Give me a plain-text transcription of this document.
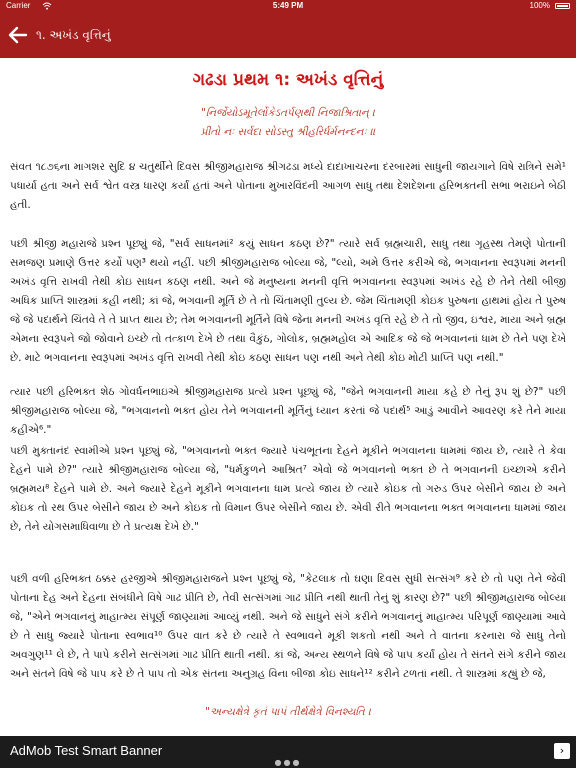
Carrier	5:49 PM	100%
૧. અખંડ વૃત્તિનું
ગઢડા પ્રથમ ૧: અખંડ વૃત્તિનું
"નિર્જેયોઽમૂતેર્લોકેઽતર્પણથી નિજાશ્રિતાન્ ।
પ્રીતો નઃ સર્વદા સોઽસ્તુ શ્રીહરિર્ધર્મનન્દનઃ ॥

સંવત ૧૮૭૬ના માગશર સુદિ ૪ ચતુર્થીને દિવસ શ્રીજીમહારાજ શ્રીગઢડા મધ્યે દાદાખાચરના દરબારમાં સાધુની જાયગાને વિષે રાત્રિને સમે¹ પધાર્યા હતા અને સર્વ શ્વેત વસ્ત્ર ધારણ કર્યાં હતાં અને પોતાના મુખારવિંદની આગળ સાધુ તથા દેશદેશના હરિભક્તની સભા ભરાઇને બેઠી હતી.

પછી શ્રીજી મહારાજે પ્રશ્ન પૂછ્યું જે, "સર્વ સાધનમાં² કયું સાધન કઠણ છે?" ત્યારે સર્વ બ્રહ્મચારી, સાધુ તથા ગૃહસ્થ તેમણે પોતાની સમજણ પ્રમાણે ઉત્તર કર્યો પણ³ થયો નહીં. પછી શ્રીજીમહારાજ બોલ્યા જે, "લ્યો, અમે ઉત્તર કરીએ જે, ભગવાનના સ્વરૂપમાં મનની અખંડ વૃત્તિ રાખવી તેથી કોઇ સાધન કઠણ નથી. અને જે મનુષ્યના મનની વૃત્તિ ભગવાનના સ્વરૂપમાં અખંડ રહે છે તેને તેથી બીજી અધિક પ્રાપ્તિ શાસ્ત્રમાં કહી નથી; કાં જે, ભગવાની મૂર્તિ છે તે તો ચિંતામણી તુલ્ય છે. જેમ ચિંતામણી કોઇક પુરુષના હાથમાં હોય તે પુરુષ જે જે પદાર્થને ચિંતવે તે તે પ્રાપ્ત થાય છે; તેમ ભગવાનની મૂર્તિને વિષે જેના મનની અખંડ વૃત્તિ રહે છે તે તો જીવ, ઇશ્વર, માયા અને બ્રહ્મ એમના સ્વરૂપને જો જોવાને ઇચ્છે તો તત્કાળ દેખે છે તથા વૈકુંઠ, ગોલોક, બ્રહ્મમહોલ એ આદિક જે જે ભગવાનનાં ધામ છે તેને પણ દેખે છે. માટે ભગવાનના સ્વરૂપમાં અખંડ વૃત્તિ રાખવી તેથી કોઇ કઠણ સાધન પણ નથી અને તેથી કોઇ મોટી પ્રાપ્તિ પણ નથી."

ત્યાર પછી હરિભક્ત શેઠ ગોવર્ધનભાઇએ શ્રીજીમહારાજ પ્રત્યે પ્રશ્ન પૂછ્યું જે, "જેને ભગવાનની માયા કહે છે તેનું રૂપ શું છે?" પછી શ્રીજીમહારાજ બોલ્યા જે, "ભગવાનનો ભક્ત હોય તેને ભગવાનની મૂર્તિનું ધ્યાન કરતાં જે પદાર્થ⁵ આડું આવીને આવરણ કરે તેને માયા કહીએ⁶."

પછી મુક્તાનંદ સ્વામીએ પ્રશ્ન પૂછ્યું જે, "ભગવાનનો ભક્ત જ્યારે પંચભૂતના દેહને મૂકીને ભગવાનના ધામમાં જાય છે, ત્યારે તે કેવા દેહને પામે છે?" ત્યારે શ્રીજીમહારાજ બોલ્યા જે, "ધર્મકુળને આશ્રિત⁷ એવો જે ભગવાનનો ભક્ત છે તે ભગવાનની ઇચ્છાએ કરીને બ્રહ્મમય⁸ દેહને પામે છે. અને જ્યારે દેહને મૂકીને ભગવાનના ધામ પ્રત્યે જાય છે ત્યારે કોઇક તો ગરુડ ઉપર બેસીને જાય છે અને કોઇક તો રથ ઉપર બેસીને જાય છે અને કોઇક તો વિમાન ઉપર બેસીને જાય છે. એવી રીતે ભગવાનના ભક્ત ભગવાનના ધામમાં જાય છે, તેને યોગસમાધિવાળા છે તે પ્રત્યક્ષ દેખે છે."

પછી વળી હરિભક્ત ઠક્કર હરજીએ શ્રીજીમહારાજને પ્રશ્ન પૂછ્યું જે, "કેટલાક તો ઘણા દિવસ સુધી સત્સંગ⁹ કરે છે તો પણ તેને જેવી પોતાના દેહ અને દેહના સંબંધીને વિષે ગાઢ પ્રીતિ છે, તેવી સત્સંગમાં ગાઢ પ્રીતિ નથી થાતી તેનું શું કારણ છે?" પછી શ્રીજીમહારાજ બોલ્યા જે, "એને ભગવાનનું માહાત્મ્ય સંપૂર્ણ જાણ્યામાં આવ્યું નથી. અને જે સાધુને સંગે કરીને ભગવાનનું માહાત્મ્ય પરિપૂર્ણ જાણ્યામાં આવે છે તે સાધુ જ્યારે પોતાના સ્વભાવ¹⁰ ઉપર વાત કરે છે ત્યારે તે સ્વભાવને મૂકી શકતો નથી અને તે વાતના કરનારા જે સાધુ તેનો અવગુણ¹¹ લે છે, તે પાપે કરીને સત્સંગમાં ગાઢ પ્રીતિ થાતી નથી. કાં જે, અન્ય સ્થળને વિષે જે પાપ કર્યાં હોય તે સંતને સંગે કરીને જાય અને સંતને વિષે જે પાપ કરે છે તે પાપ તો એક સંતના અનુગ્રહ વિના બીજા કોઇ સાધને¹² કરીને ટળતાં નથી. તે શાસ્ત્રમાં કહ્યું છે જે,

"અન્યક્ષેત્રે કૃતં પાપં તીર્થક્ષેત્રે વિનશ્યતિ ।
AdMob Test Smart Banner	›
●●●
